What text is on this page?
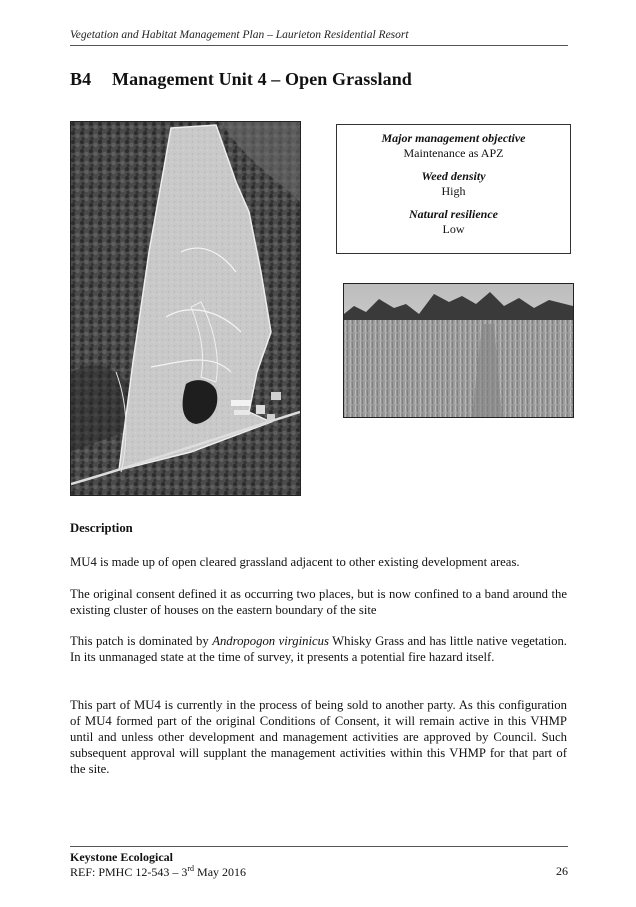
Vegetation and Habitat Management Plan – Laurieton Residential Resort
B4 Management Unit 4 – Open Grassland
Major management objective
Maintenance as APZ
Weed density
High
Natural resilience
Low
Description
MU4 is made up of open cleared grassland adjacent to other existing development areas.
The original consent defined it as occurring two places, but is now confined to a band around the existing cluster of houses on the eastern boundary of the site
This patch is dominated by Andropogon virginicus Whisky Grass and has little native vegetation. In its unmanaged state at the time of survey, it presents a potential fire hazard itself.
This part of MU4 is currently in the process of being sold to another party. As this configuration of MU4 formed part of the original Conditions of Consent, it will remain active in this VHMP until and unless other development and management activities are approved by Council. Such subsequent approval will supplant the management activities within this VHMP for that part of the site.
Keystone Ecological
REF: PMHC 12-543 – 3rd May 2016	26
